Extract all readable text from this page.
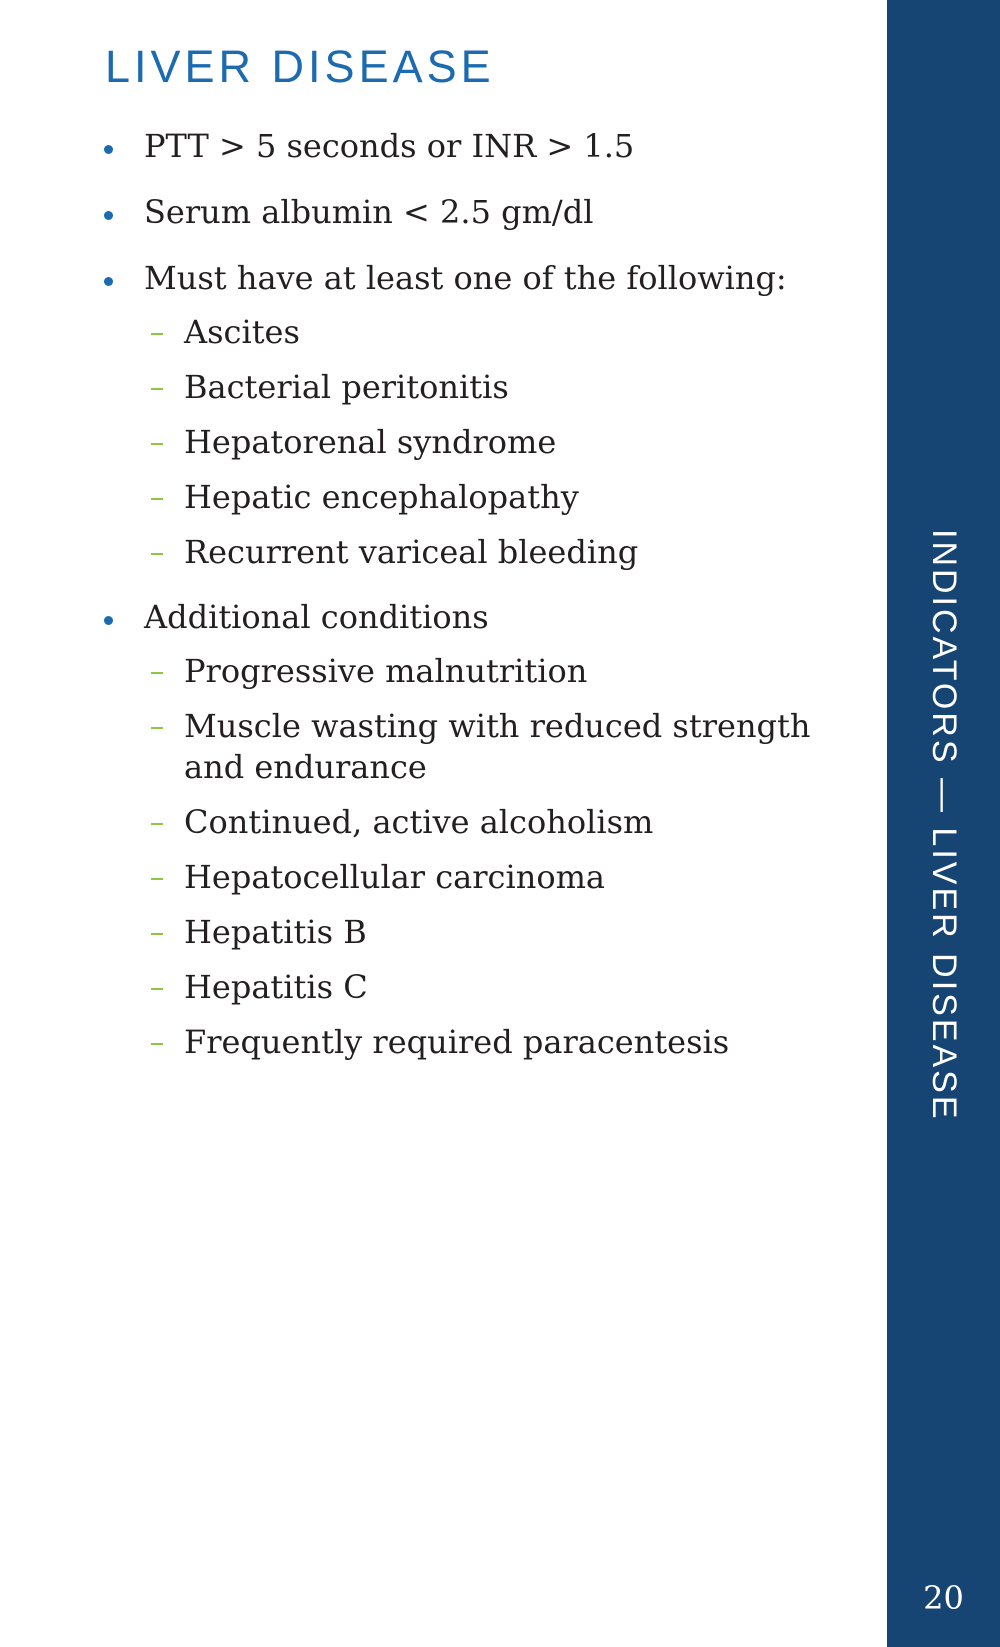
LIVER DISEASE
PTT > 5 seconds or INR > 1.5
Serum albumin < 2.5 gm/dl
Must have at least one of the following:
Ascites
Bacterial peritonitis
Hepatorenal syndrome
Hepatic encephalopathy
Recurrent variceal bleeding
Additional conditions
Progressive malnutrition
Muscle wasting with reduced strength and endurance
Continued, active alcoholism
Hepatocellular carcinoma
Hepatitis B
Hepatitis C
Frequently required paracentesis	INDICATORS — LIVER DISEASE
20
